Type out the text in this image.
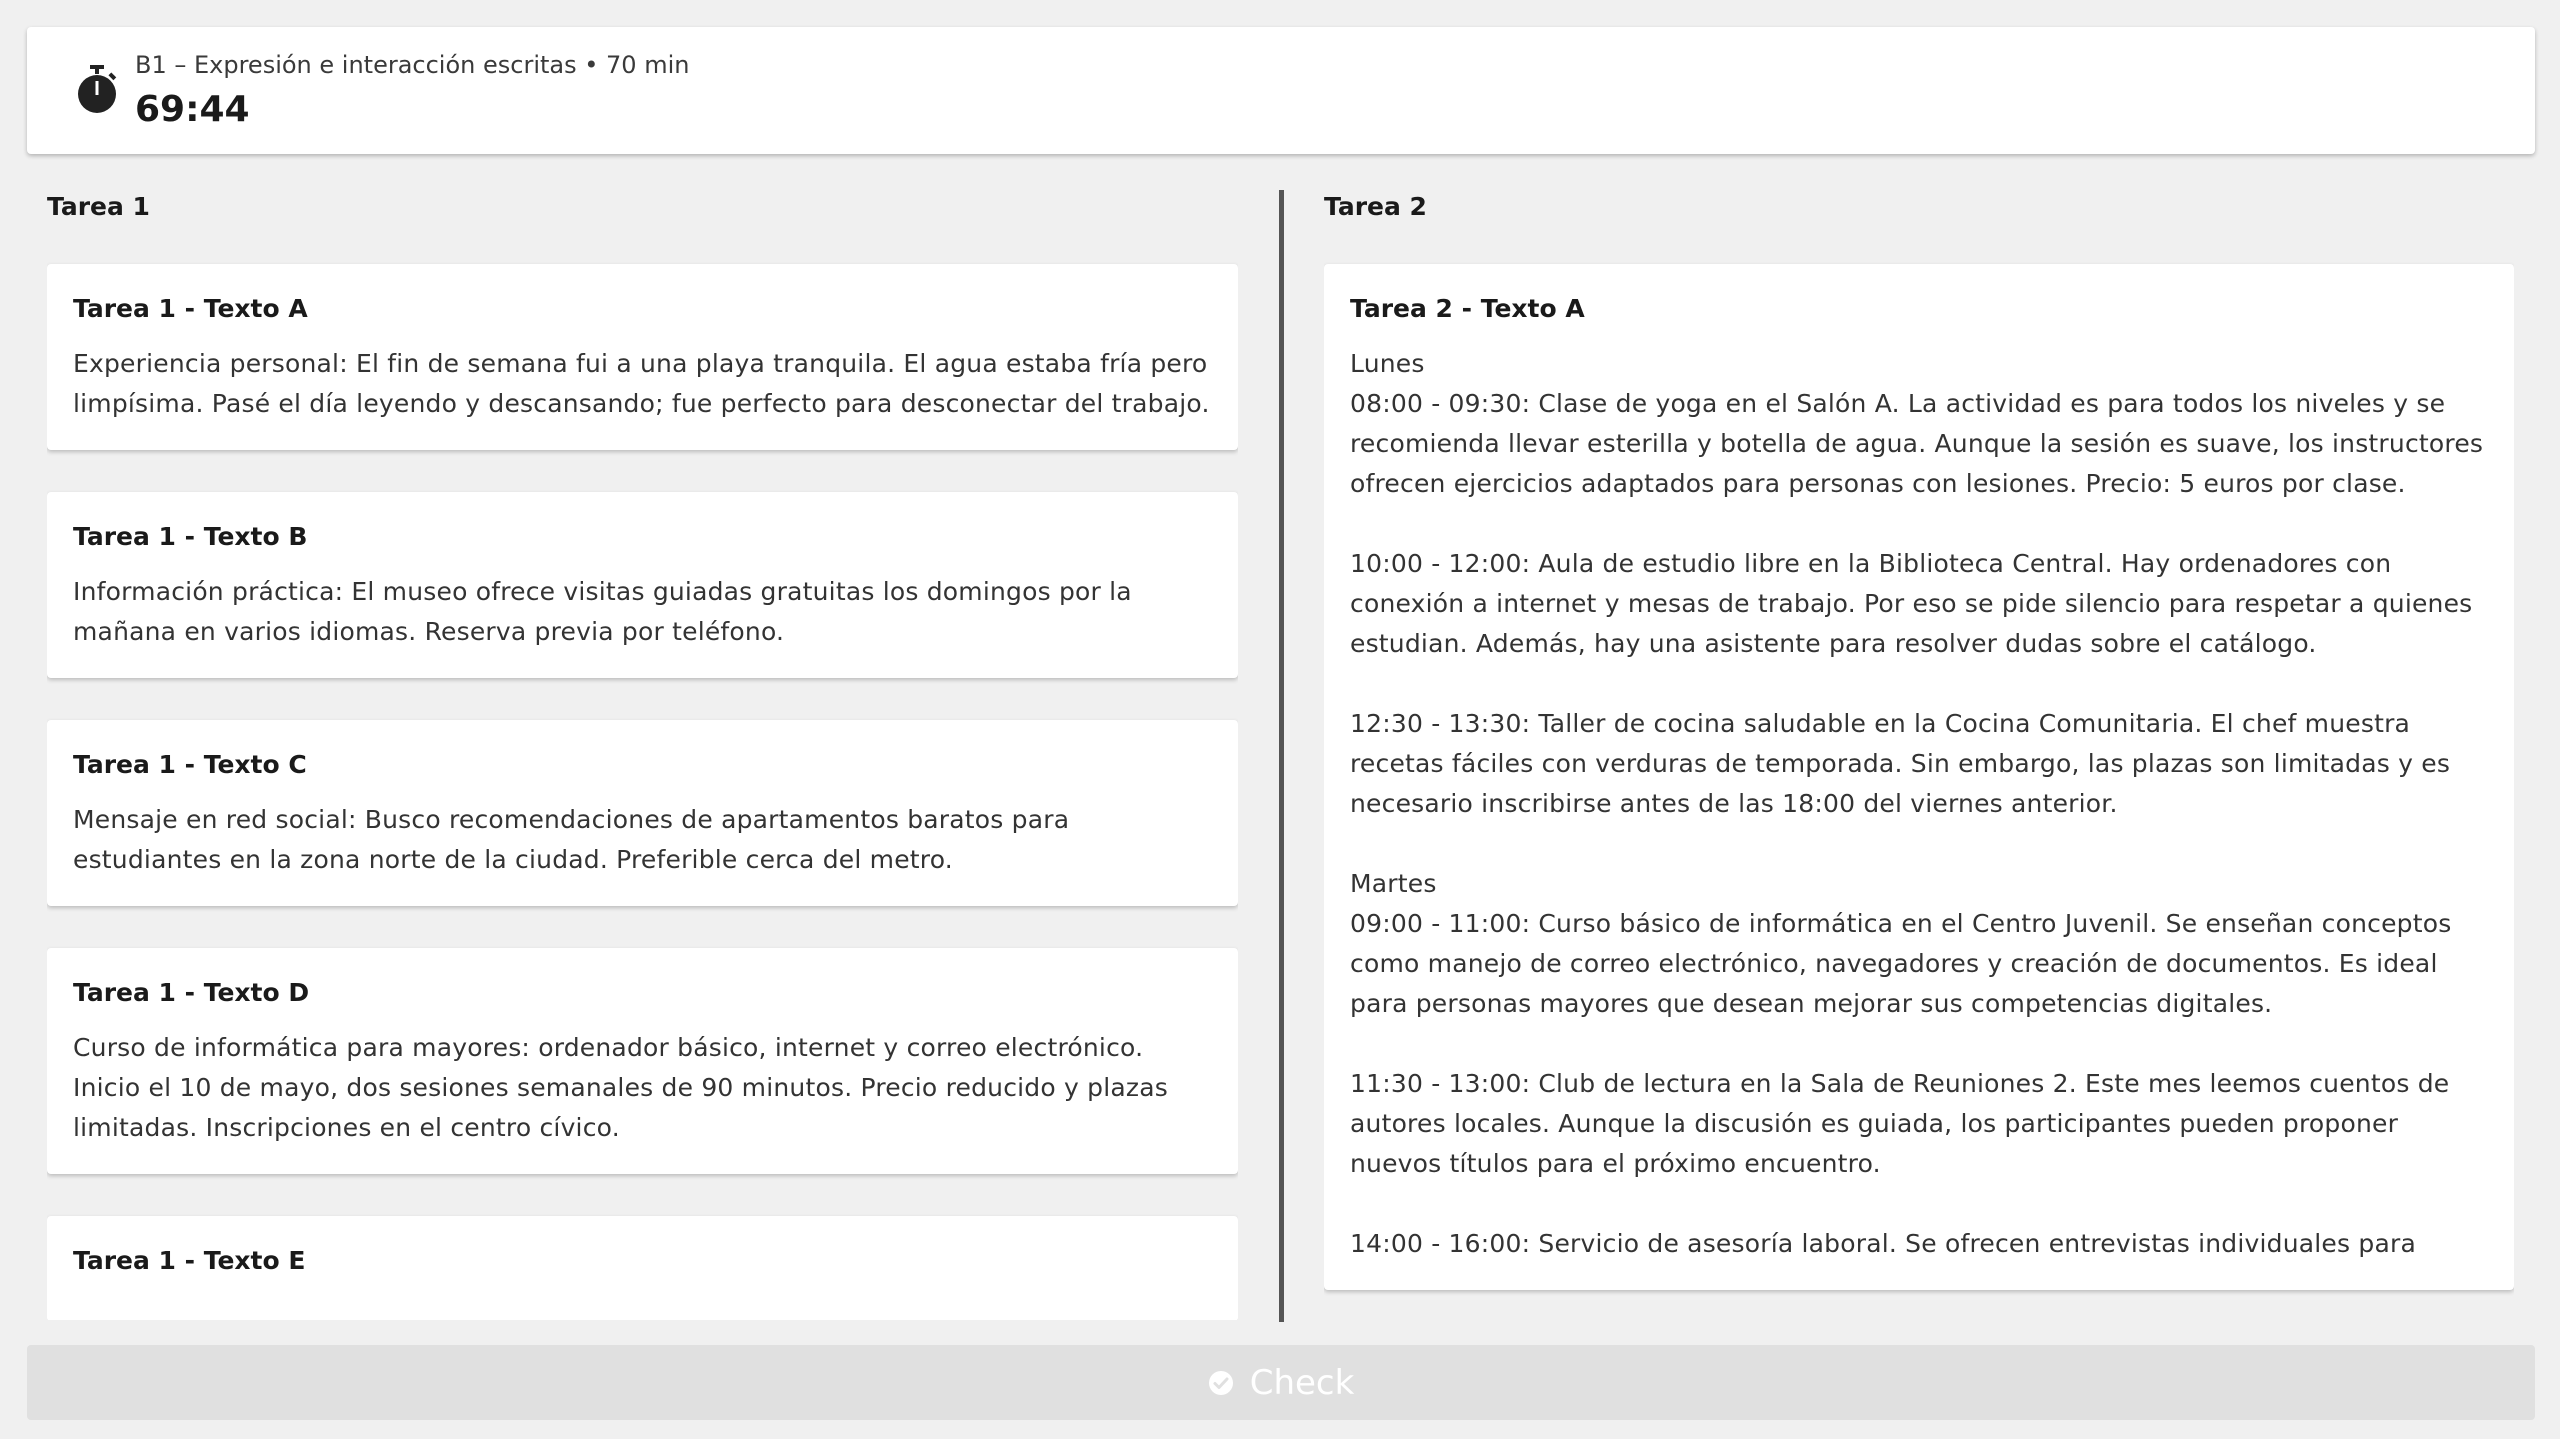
B1 – Expresión e interacción escritas • 70 min
69:44
Tarea 1
Tarea 1 - Texto A
Experiencia personal: El fin de semana fui a una playa tranquila. El agua estaba fría pero limpísima. Pasé el día leyendo y descansando; fue perfecto para desconectar del trabajo.
Tarea 1 - Texto B
Información práctica: El museo ofrece visitas guiadas gratuitas los domingos por la mañana en varios idiomas. Reserva previa por teléfono.
Tarea 1 - Texto C
Mensaje en red social: Busco recomendaciones de apartamentos baratos para estudiantes en la zona norte de la ciudad. Preferible cerca del metro.
Tarea 1 - Texto D
Curso de informática para mayores: ordenador básico, internet y correo electrónico. Inicio el 10 de mayo, dos sesiones semanales de 90 minutos. Precio reducido y plazas limitadas. Inscripciones en el centro cívico.
Tarea 1 - Texto E
Tarea 2
Tarea 2 - Texto A
Lunes
08:00 - 09:30: Clase de yoga en el Salón A. La actividad es para todos los niveles y se recomienda llevar esterilla y botella de agua. Aunque la sesión es suave, los instructores ofrecen ejercicios adaptados para personas con lesiones. Precio: 5 euros por clase.

10:00 - 12:00: Aula de estudio libre en la Biblioteca Central. Hay ordenadores con conexión a internet y mesas de trabajo. Por eso se pide silencio para respetar a quienes estudian. Además, hay una asistente para resolver dudas sobre el catálogo.

12:30 - 13:30: Taller de cocina saludable en la Cocina Comunitaria. El chef muestra recetas fáciles con verduras de temporada. Sin embargo, las plazas son limitadas y es necesario inscribirse antes de las 18:00 del viernes anterior.

Martes
09:00 - 11:00: Curso básico de informática en el Centro Juvenil. Se enseñan conceptos como manejo de correo electrónico, navegadores y creación de documentos. Es ideal para personas mayores que desean mejorar sus competencias digitales.

11:30 - 13:00: Club de lectura en la Sala de Reuniones 2. Este mes leemos cuentos de autores locales. Aunque la discusión es guiada, los participantes pueden proponer nuevos títulos para el próximo encuentro.

14:00 - 16:00: Servicio de asesoría laboral. Se ofrecen entrevistas individuales para
Check
